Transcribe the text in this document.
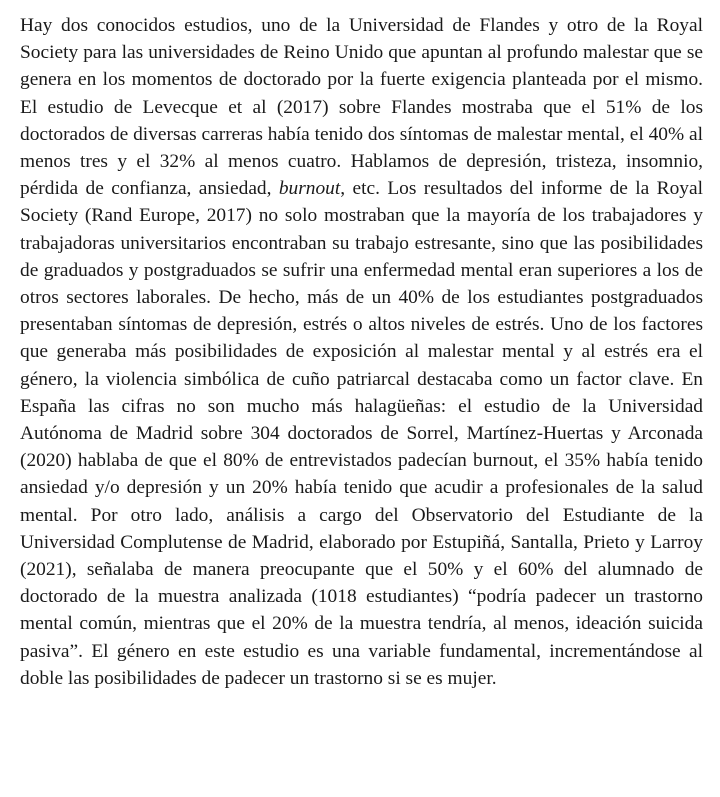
Hay dos conocidos estudios, uno de la Universidad de Flandes y otro de la Royal Society para las universidades de Reino Unido que apuntan al profundo malestar que se genera en los momentos de doctorado por la fuerte exigencia planteada por el mismo. El estudio de Levecque et al (2017) sobre Flandes mostraba que el 51% de los doctorados de diversas carreras había tenido dos síntomas de malestar mental, el 40% al menos tres y el 32% al menos cuatro. Hablamos de depresión, tristeza, insomnio, pérdida de confianza, ansiedad, burnout, etc. Los resultados del informe de la Royal Society (Rand Europe, 2017) no solo mostraban que la mayoría de los trabajadores y trabajadoras universitarios encontraban su trabajo estresante, sino que las posibilidades de graduados y postgraduados se sufrir una enfermedad mental eran superiores a los de otros sectores laborales. De hecho, más de un 40% de los estudiantes postgraduados presentaban síntomas de depresión, estrés o altos niveles de estrés. Uno de los factores que generaba más posibilidades de exposición al malestar mental y al estrés era el género, la violencia simbólica de cuño patriarcal destacaba como un factor clave. En España las cifras no son mucho más halagüeñas: el estudio de la Universidad Autónoma de Madrid sobre 304 doctorados de Sorrel, Martínez-Huertas y Arconada (2020) hablaba de que el 80% de entrevistados padecían burnout, el 35% había tenido ansiedad y/o depresión y un 20% había tenido que acudir a profesionales de la salud mental. Por otro lado, análisis a cargo del Observatorio del Estudiante de la Universidad Complutense de Madrid, elaborado por Estupiñá, Santalla, Prieto y Larroy (2021), señalaba de manera preocupante que el 50% y el 60% del alumnado de doctorado de la muestra analizada (1018 estudiantes) “podría padecer un trastorno mental común, mientras que el 20% de la muestra tendría, al menos, ideación suicida pasiva”. El género en este estudio es una variable fundamental, incrementándose al doble las posibilidades de padecer un trastorno si se es mujer.
